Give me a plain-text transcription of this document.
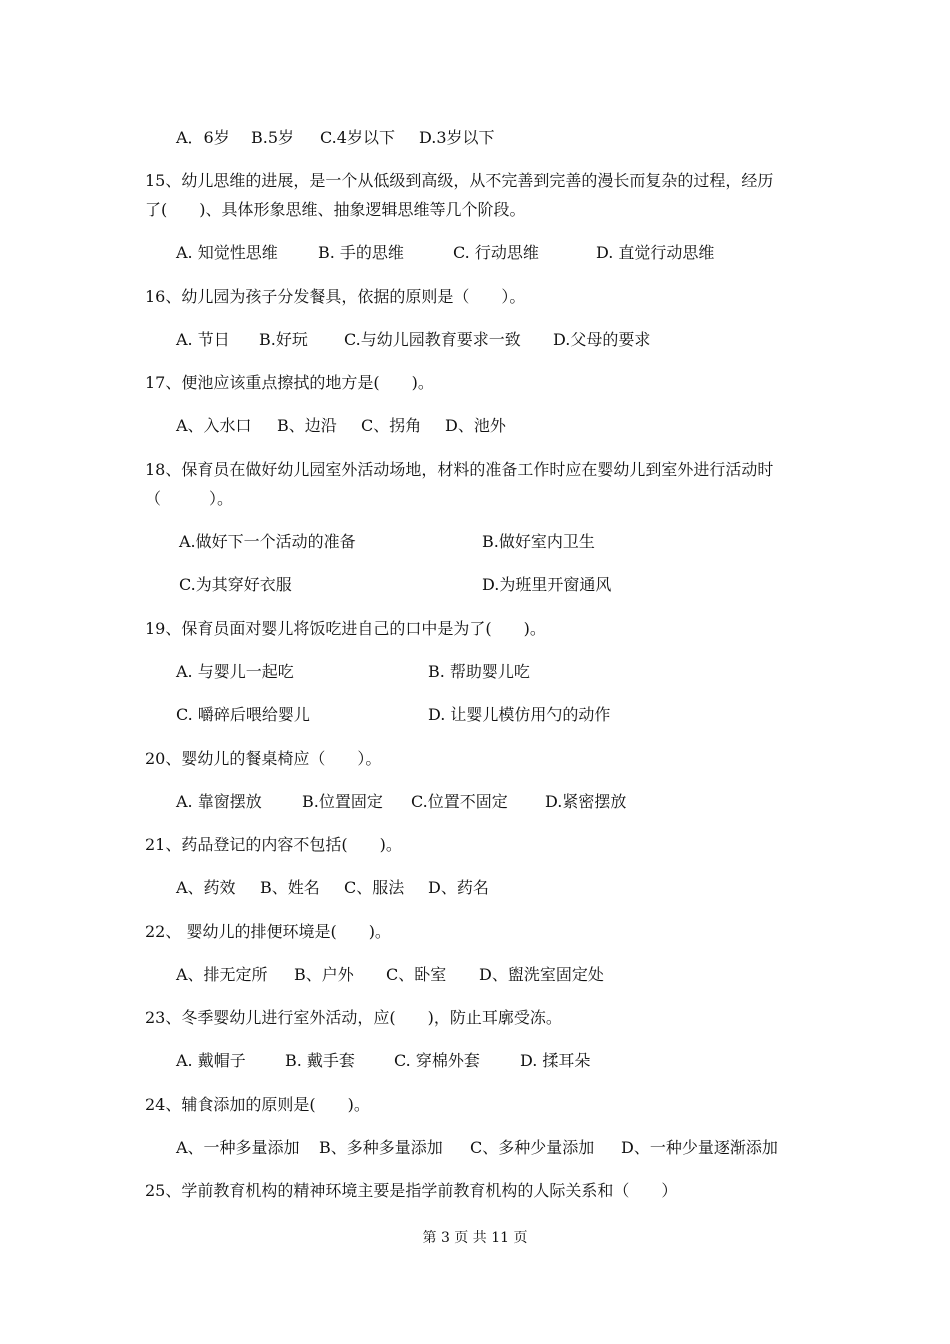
A．6岁 B.5岁 C.4岁以下 D.3岁以下
15、幼儿思维的进展，是一个从低级到高级，从不完善到完善的漫长而复杂的过程，经历
了(　　)、具体形象思维、抽象逻辑思维等几个阶段。
A. 知觉性思维	B. 手的思维	C. 行动思维	D. 直觉行动思维
16、幼儿园为孩子分发餐具，依据的原则是（　　）。
A. 节日 B.好玩 C.与幼儿园教育要求一致 D.父母的要求
17、便池应该重点擦拭的地方是(　　)。
A、入水口 B、边沿 C、拐角 D、池外
18、保育员在做好幼儿园室外活动场地，材料的准备工作时应在婴幼儿到室外进行活动时
（　　　）。
A.做好下一个活动的准备	B.做好室内卫生
C.为其穿好衣服	D.为班里开窗通风
19、保育员面对婴儿将饭吃进自己的口中是为了(　　)。
A. 与婴儿一起吃	B. 帮助婴儿吃
C. 嚼碎后喂给婴儿	D. 让婴儿模仿用勺的动作
20、婴幼儿的餐桌椅应（　　）。
A. 靠窗摆放	B.位置固定 C.位置不固定 D.紧密摆放
21、药品登记的内容不包括(　　)。
A、药效 B、姓名 C、服法 D、药名
22、 婴幼儿的排便环境是(　　)。
A、排无定所 B、户外 C、卧室 D、盥洗室固定处
23、冬季婴幼儿进行室外活动，应(　　)，防止耳廓受冻。
A. 戴帽子 B. 戴手套 C. 穿棉外套	D. 揉耳朵
24、辅食添加的原则是(　　)。
A、一种多量添加 B、多种多量添加 C、多种少量添加 D、一种少量逐渐添加
25、学前教育机构的精神环境主要是指学前教育机构的人际关系和（　　）
第 3 页 共 11 页
